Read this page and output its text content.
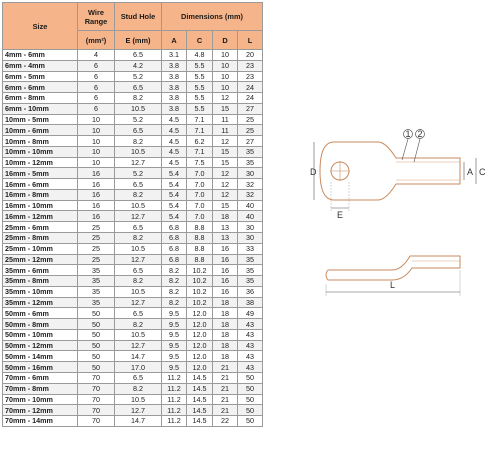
Size	Wire Range	Stud Hole	Dimensions (mm)			
	(mm²)	E (mm)	A	C	D	L
4mm - 6mm	4	6.5	3.1	4.8	10	20
6mm - 4mm	6	4.2	3.8	5.5	10	23
6mm - 5mm	6	5.2	3.8	5.5	10	23
6mm - 6mm	6	6.5	3.8	5.5	10	24
6mm - 8mm	6	8.2	3.8	5.5	12	24
6mm - 10mm	6	10.5	3.8	5.5	15	27
10mm - 5mm	10	5.2	4.5	7.1	11	25
10mm - 6mm	10	6.5	4.5	7.1	11	25
10mm - 8mm	10	8.2	4.5	6.2	12	27
10mm - 10mm	10	10.5	4.5	7.1	15	35
10mm - 12mm	10	12.7	4.5	7.5	15	35
16mm - 5mm	16	5.2	5.4	7.0	12	30
16mm - 6mm	16	6.5	5.4	7.0	12	32
16mm - 8mm	16	8.2	5.4	7.0	12	32
16mm - 10mm	16	10.5	5.4	7.0	15	40
16mm - 12mm	16	12.7	5.4	7.0	18	40
25mm - 6mm	25	6.5	6.8	8.8	13	30
25mm - 8mm	25	8.2	6.8	8.8	13	30
25mm - 10mm	25	10.5	6.8	8.8	16	33
25mm - 12mm	25	12.7	6.8	8.8	16	35
35mm - 6mm	35	6.5	8.2	10.2	16	35
35mm - 8mm	35	8.2	8.2	10.2	16	35
35mm - 10mm	35	10.5	8.2	10.2	16	36
35mm - 12mm	35	12.7	8.2	10.2	18	38
50mm - 6mm	50	6.5	9.5	12.0	18	49
50mm - 8mm	50	8.2	9.5	12.0	18	43
50mm - 10mm	50	10.5	9.5	12.0	18	43
50mm - 12mm	50	12.7	9.5	12.0	18	43
50mm - 14mm	50	14.7	9.5	12.0	18	43
50mm - 16mm	50	17.0	9.5	12.0	21	43
70mm - 6mm	70	6.5	11.2	14.5	21	50
70mm - 8mm	70	8.2	11.2	14.5	21	50
70mm - 10mm	70	10.5	11.2	14.5	21	50
70mm - 12mm	70	12.7	11.2	14.5	21	50
70mm - 14mm	70	14.7	11.2	14.5	22	50
1 2
D	A C
E
L
